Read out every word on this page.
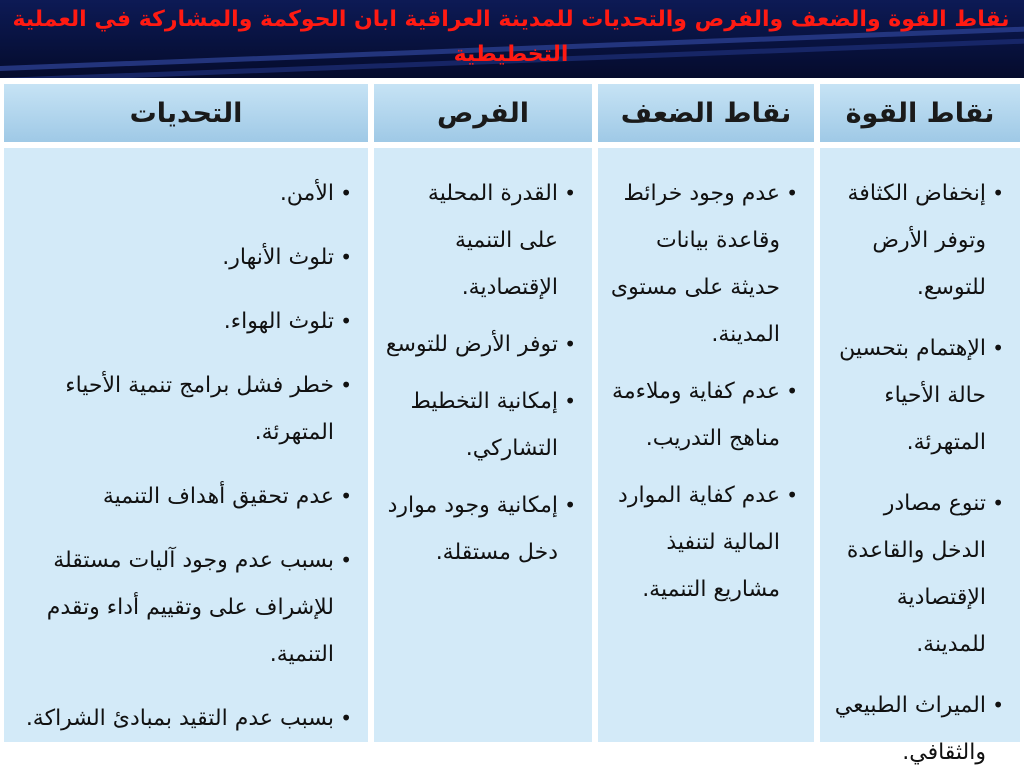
نقاط القوة والضعف والفرص والتحديات للمدينة العراقية ابان الحوكمة والمشاركة في العملية التخطيطية
نقاط القوة
نقاط الضعف
الفرص
التحديات
• إنخفاض الكثافة وتوفر الأرض للتوسع.
• الإهتمام بتحسين حالة الأحياء المتهرئة.
• تنوع مصادر الدخل والقاعدة الإقتصادية للمدينة.
• الميراث الطبيعي والثقافي.
• عدم وجود خرائط وقاعدة بيانات حديثة على مستوى المدينة.
• عدم كفاية وملاءمة مناهج التدريب.
• عدم كفاية الموارد المالية لتنفيذ مشاريع التنمية.
• القدرة المحلية على التنمية الإقتصادية.
• توفر الأرض للتوسع
• إمكانية التخطيط التشاركي.
• إمكانية وجود موارد دخل مستقلة.
• الأمن.
• تلوث الأنهار.
• تلوث الهواء.
• خطر فشل برامج تنمية الأحياء المتهرئة.
• عدم تحقيق أهداف التنمية
• بسبب عدم وجود آليات مستقلة للإشراف على وتقييم أداء وتقدم التنمية.
• بسبب عدم التقيد بمبادئ الشراكة.
